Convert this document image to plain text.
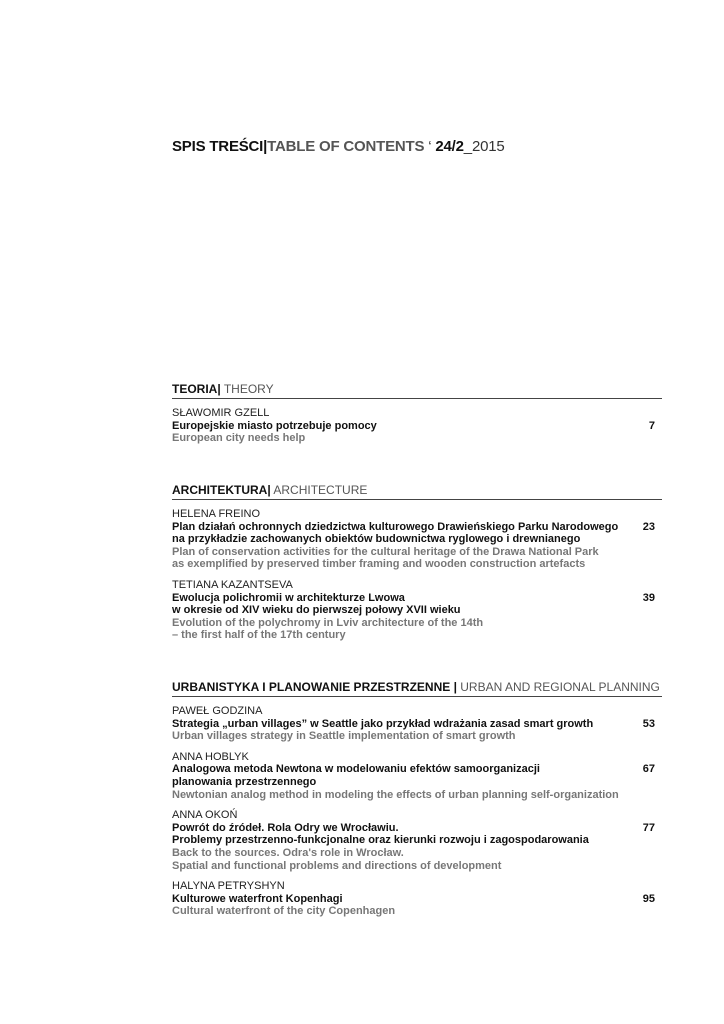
SPIS TREŚCI|TABLE OF CONTENTS ‘ 24/2_2015
TEORIA| THEORY
SŁAWOMIR GZELL
Europejskie miasto potrzebuje pomocy
European city needs help
7
ARCHITEKTURA| ARCHITECTURE
HELENA FREINO
Plan działań ochronnych dziedzictwa kulturowego Drawieńskiego Parku Narodowego
na przykładzie zachowanych obiektów budownictwa ryglowego i drewnianego
Plan of conservation activities for the cultural heritage of the Drawa National Park
as exemplified by preserved timber framing and wooden construction artefacts
23
TETIANA KAZANTSEVA
Ewolucja polichromii w architekturze Lwowa
w okresie od XIV wieku do pierwszej połowy XVII wieku
Evolution of the polychromy in Lviv architecture of the 14th
– the first half of the 17th century
39
URBANISTYKA I PLANOWANIE PRZESTRZENNE | URBAN AND REGIONAL PLANNING
PAWEŁ GODZINA
Strategia „urban villages” w Seattle jako przykład wdrażania zasad smart growth
Urban villages strategy in Seattle implementation of smart growth
53
ANNA HOBLYK
Analogowa metoda Newtona w modelowaniu efektów samoorganizacji
planowania przestrzennego
Newtonian analog method in modeling the effects of urban planning self-organization
67
ANNA OKOŃ
Powrót do źródeł. Rola Odry we Wrocławiu.
Problemy przestrzenno-funkcjonalne oraz kierunki rozwoju i zagospodarowania
Back to the sources. Odra's role in Wrocław.
Spatial and functional problems and directions of development
77
HALYNA PETRYSHYN
Kulturowe waterfront Kopenhagi
Cultural waterfront of the city Copenhagen
95
